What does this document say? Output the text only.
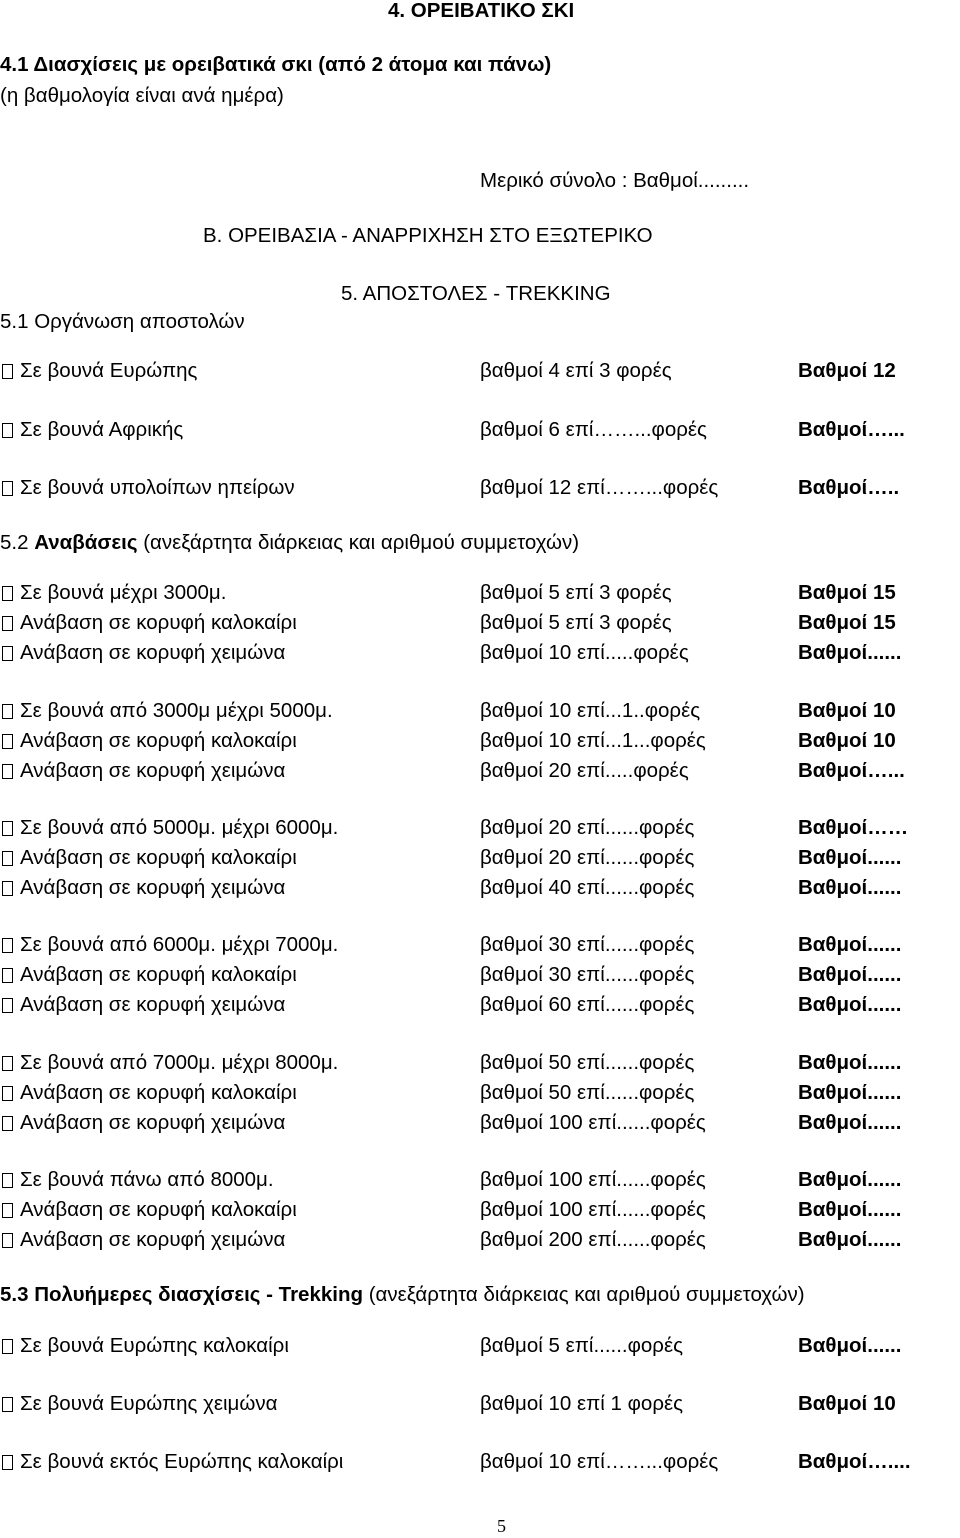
4. ΟΡΕΙΒΑΤΙΚΟ ΣΚΙ
4.1 Διασχίσεις με ορειβατικά σκι (από 2 άτομα και πάνω)
(η βαθμολογία είναι ανά ημέρα)
Μερικό σύνολο : Βαθμοί.........
Β. ΟΡΕΙΒΑΣΙΑ - ΑΝΑΡΡΙΧΗΣΗ ΣΤΟ ΕΞΩΤΕΡΙΚΟ
5. ΑΠΟΣΤΟΛΕΣ - TREKKING
5.1 Οργάνωση αποστολών
Σε βουνά Ευρώπης	βαθμοί 4 επί 3 φορές	Βαθμοί 12
Σε βουνά Αφρικής	βαθμοί 6 επί……...φορές	Βαθμοί…...
Σε βουνά υπολοίπων ηπείρων	βαθμοί 12 επί……...φορές	Βαθμοί…..
5.2 Αναβάσεις (ανεξάρτητα διάρκειας και αριθμού συμμετοχών)
Σε βουνά μέχρι 3000μ.	βαθμοί 5 επί 3 φορές	Βαθμοί 15
Ανάβαση σε κορυφή καλοκαίρι	βαθμοί 5 επί 3 φορές	Βαθμοί 15
Ανάβαση σε κορυφή χειμώνα	βαθμοί 10 επί.....φορές	Βαθμοί......
Σε βουνά από 3000μ μέχρι 5000μ.	βαθμοί 10 επί...1..φορές	Βαθμοί 10
Ανάβαση σε κορυφή καλοκαίρι	βαθμοί 10 επί...1...φορές	Βαθμοί 10
Ανάβαση σε κορυφή χειμώνα	βαθμοί 20 επί.....φορές	Βαθμοί…...
Σε βουνά από 5000μ. μέχρι 6000μ.	βαθμοί 20 επί......φορές	Βαθμοί……
Ανάβαση σε κορυφή καλοκαίρι	βαθμοί 20 επί......φορές	Βαθμοί......
Ανάβαση σε κορυφή χειμώνα	βαθμοί 40 επί......φορές	Βαθμοί......
Σε βουνά από 6000μ. μέχρι 7000μ.	βαθμοί 30 επί......φορές	Βαθμοί......
Ανάβαση σε κορυφή καλοκαίρι	βαθμοί 30 επί......φορές	Βαθμοί......
Ανάβαση σε κορυφή χειμώνα	βαθμοί 60 επί......φορές	Βαθμοί......
Σε βουνά από 7000μ. μέχρι 8000μ.	βαθμοί 50 επί......φορές	Βαθμοί......
Ανάβαση σε κορυφή καλοκαίρι	βαθμοί 50 επί......φορές	Βαθμοί......
Ανάβαση σε κορυφή χειμώνα	βαθμοί 100 επί......φορές	Βαθμοί......
Σε βουνά πάνω από 8000μ.	βαθμοί 100 επί......φορές	Βαθμοί......
Ανάβαση σε κορυφή καλοκαίρι	βαθμοί 100 επί......φορές	Βαθμοί......
Ανάβαση σε κορυφή χειμώνα	βαθμοί 200 επί......φορές	Βαθμοί......
5.3 Πολυήμερες διασχίσεις - Trekking (ανεξάρτητα διάρκειας και αριθμού συμμετοχών)
Σε βουνά Ευρώπης καλοκαίρι	βαθμοί 5 επί......φορές	Βαθμοί......
Σε βουνά Ευρώπης χειμώνα	βαθμοί 10 επί 1 φορές	Βαθμοί 10
Σε βουνά εκτός Ευρώπης καλοκαίρι	βαθμοί 10 επί……...φορές	Βαθμοί…....
5
